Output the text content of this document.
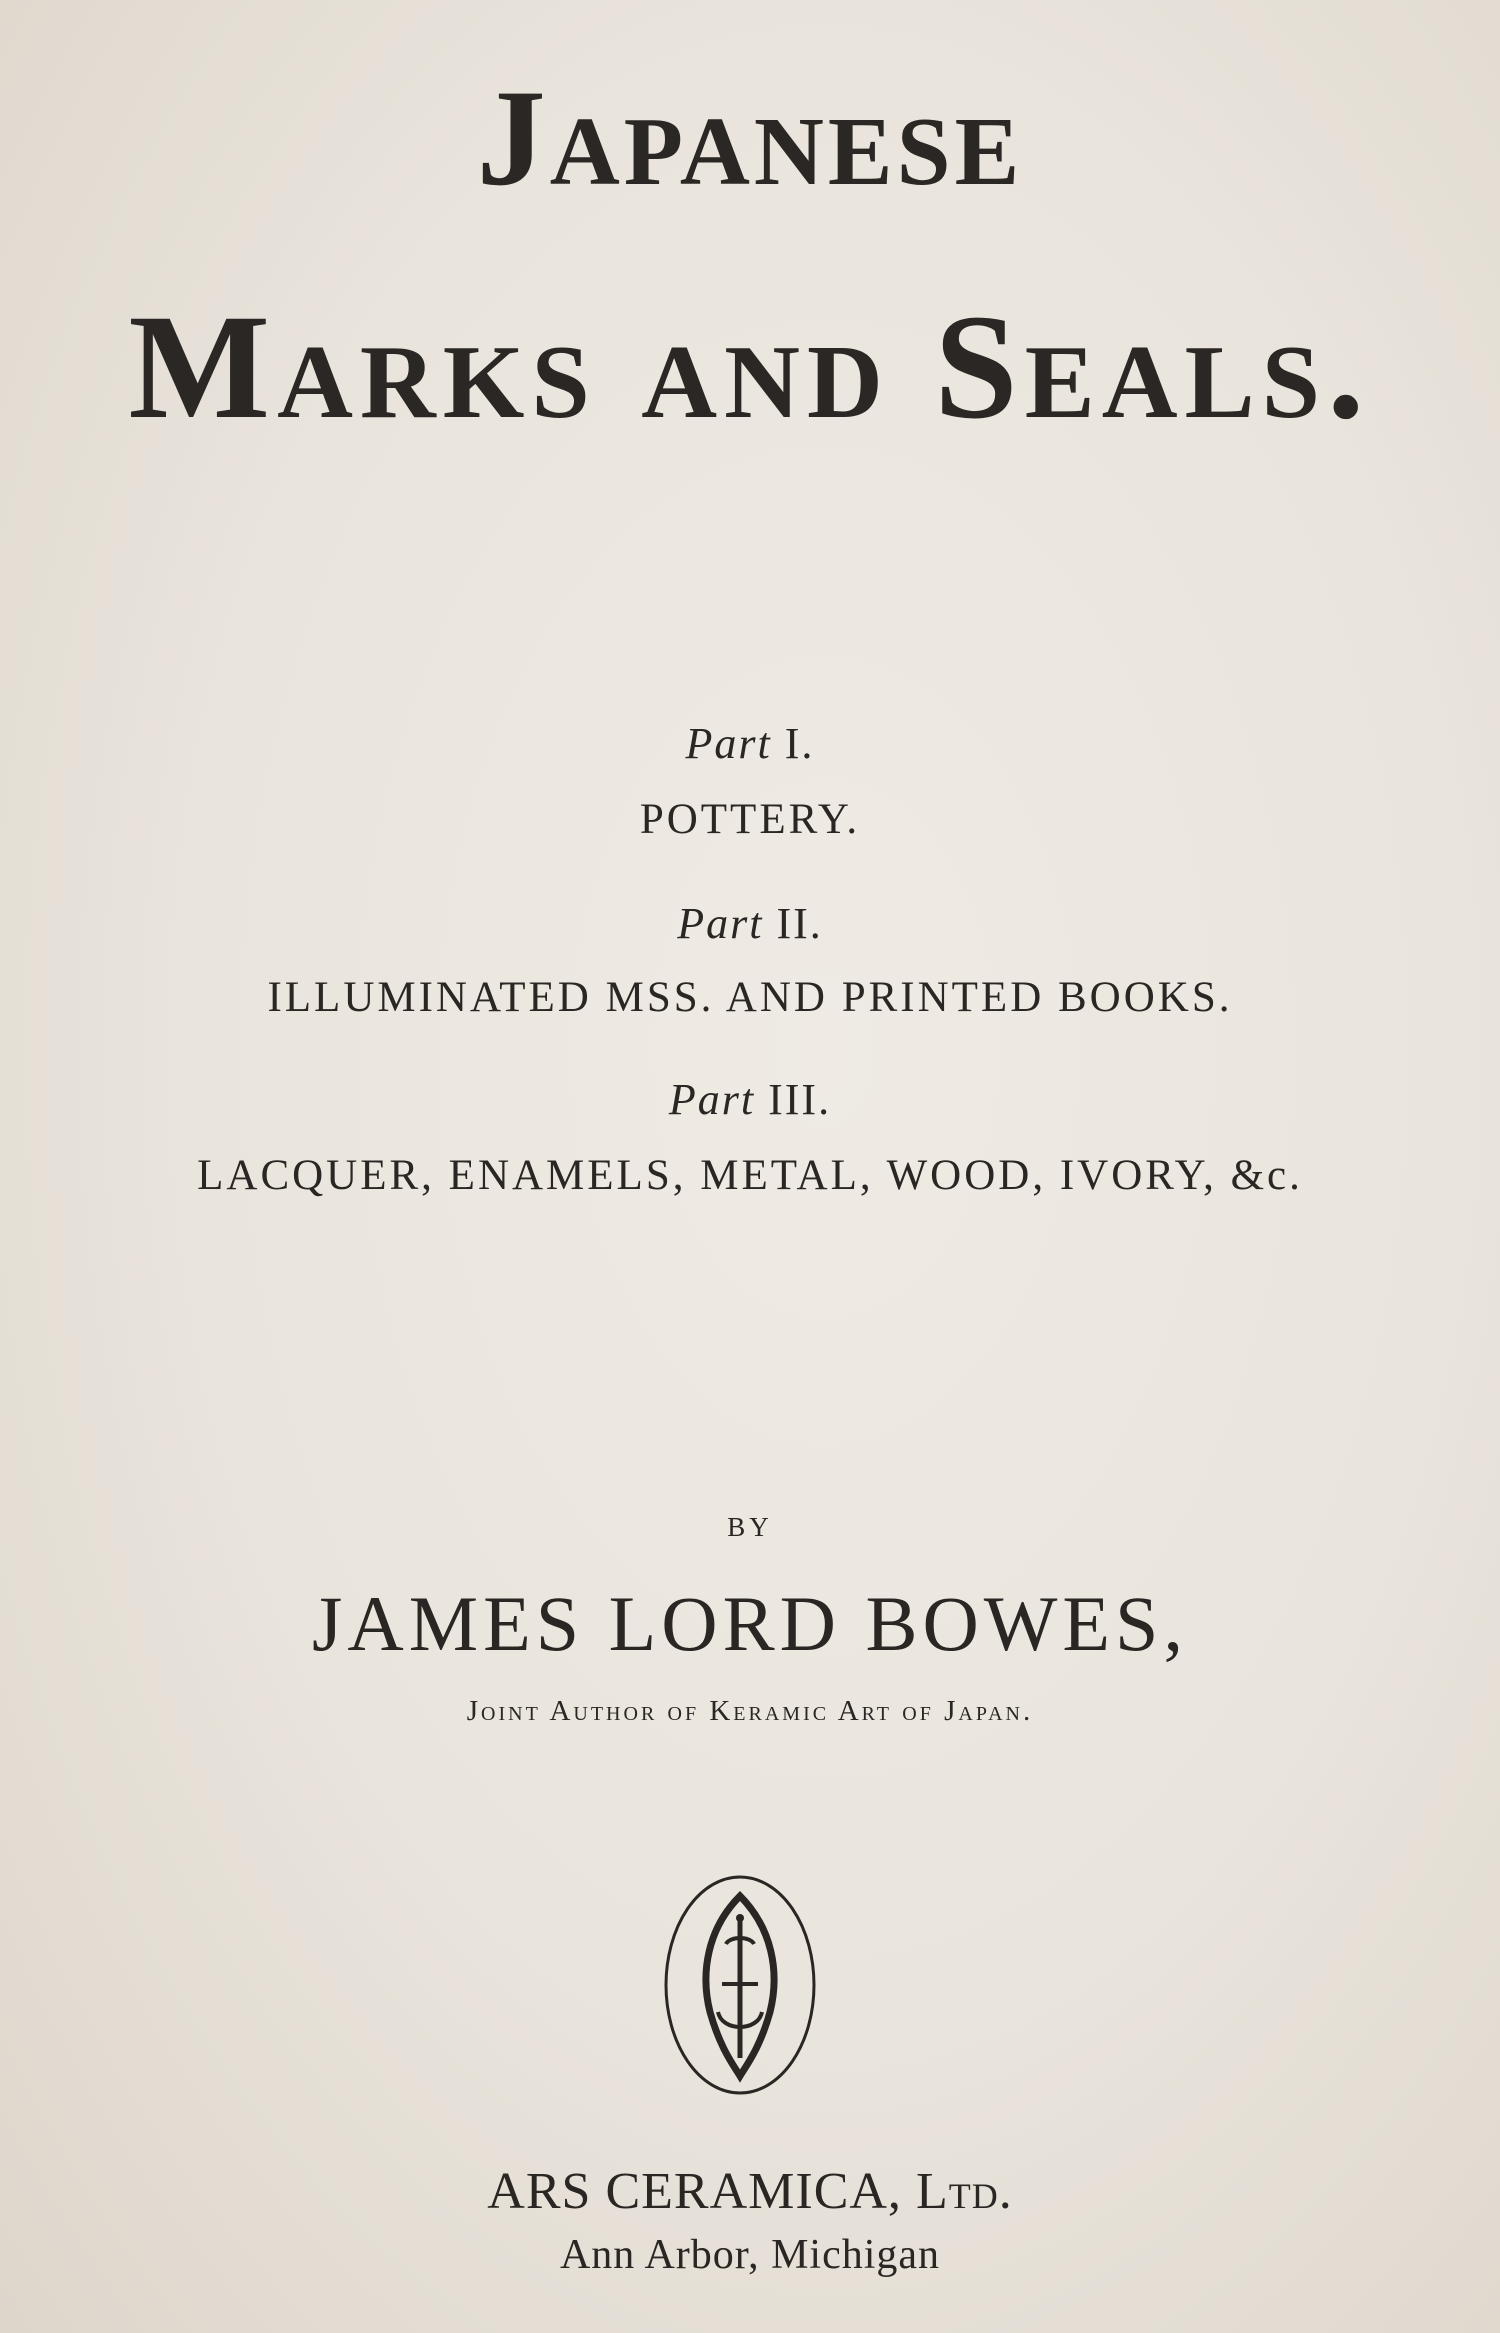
Japanese
Marks and Seals.

Part I.

POTTERY.

Part II.

ILLUMINATED MSS. AND PRINTED BOOKS.

Part III.

LACQUER, ENAMELS, METAL, WOOD, IVORY, &c.

BY

JAMES LORD BOWES,

Joint Author of Keramic Art of Japan.

ARS CERAMICA, Ltd.

Ann Arbor, Michigan
